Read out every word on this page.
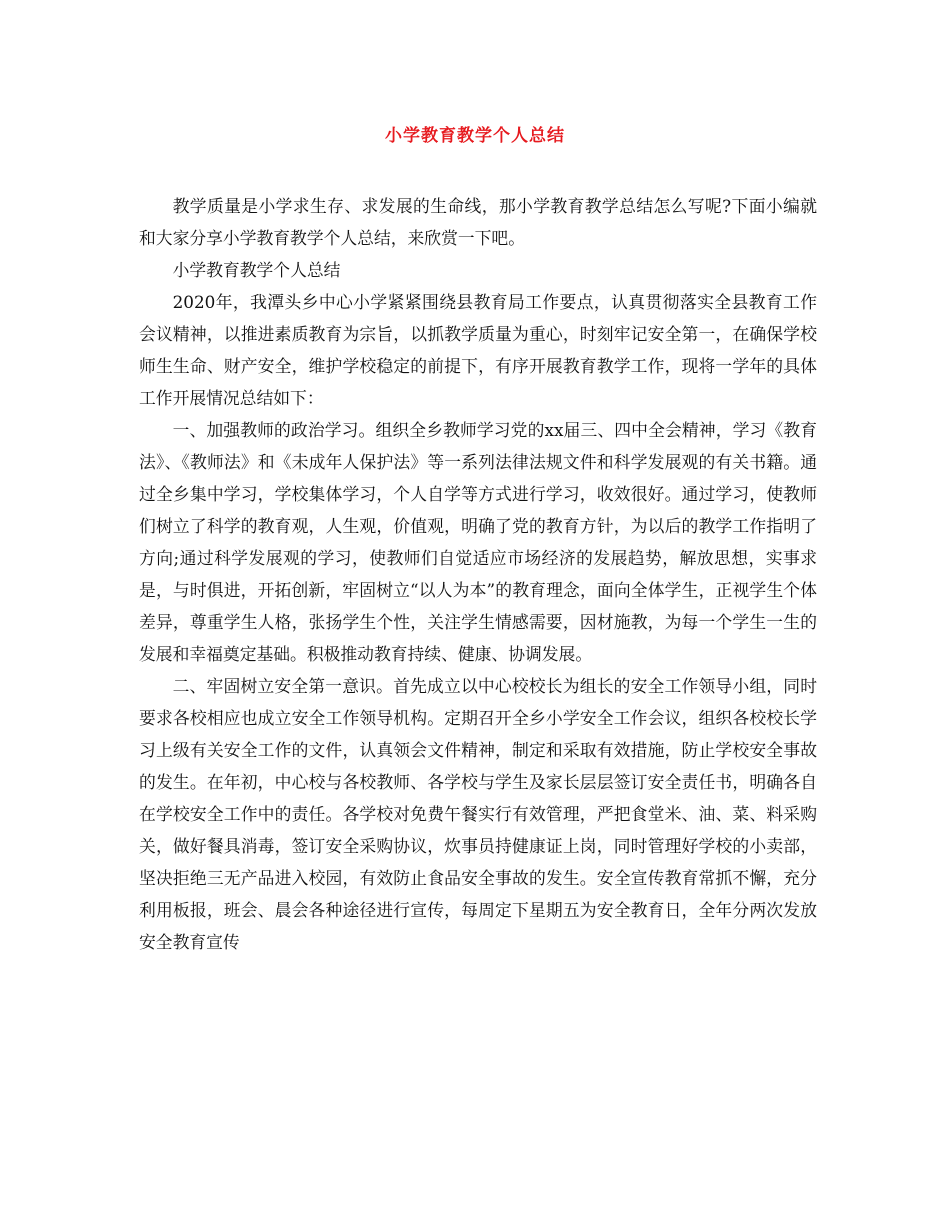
小学教育教学个人总结

教学质量是小学求生存、求发展的生命线，那小学教育教学总结怎么写呢?下面小编就和大家分享小学教育教学个人总结，来欣赏一下吧。

小学教育教学个人总结

2020年，我潭头乡中心小学紧紧围绕县教育局工作要点，认真贯彻落实全县教育工作会议精神，以推进素质教育为宗旨，以抓教学质量为重心，时刻牢记安全第一，在确保学校师生生命、财产安全，维护学校稳定的前提下，有序开展教育教学工作，现将一学年的具体工作开展情况总结如下：

一、加强教师的政治学习。组织全乡教师学习党的xx届三、四中全会精神，学习《教育法》、《教师法》和《未成年人保护法》等一系列法律法规文件和科学发展观的有关书籍。通过全乡集中学习，学校集体学习，个人自学等方式进行学习，收效很好。通过学习，使教师们树立了科学的教育观，人生观，价值观，明确了党的教育方针，为以后的教学工作指明了方向;通过科学发展观的学习，使教师们自觉适应市场经济的发展趋势，解放思想，实事求是，与时俱进，开拓创新，牢固树立“以人为本”的教育理念，面向全体学生，正视学生个体差异，尊重学生人格，张扬学生个性，关注学生情感需要，因材施教，为每一个学生一生的发展和幸福奠定基础。积极推动教育持续、健康、协调发展。

二、牢固树立安全第一意识。首先成立以中心校校长为组长的安全工作领导小组，同时要求各校相应也成立安全工作领导机构。定期召开全乡小学安全工作会议，组织各校校长学习上级有关安全工作的文件，认真领会文件精神，制定和采取有效措施，防止学校安全事故的发生。在年初，中心校与各校教师、各学校与学生及家长层层签订安全责任书，明确各自在学校安全工作中的责任。各学校对免费午餐实行有效管理，严把食堂米、油、菜、料采购关，做好餐具消毒，签订安全采购协议，炊事员持健康证上岗，同时管理好学校的小卖部，坚决拒绝三无产品进入校园，有效防止食品安全事故的发生。安全宣传教育常抓不懈，充分利用板报，班会、晨会各种途径进行宣传，每周定下星期五为安全教育日，全年分两次发放安全教育宣传
